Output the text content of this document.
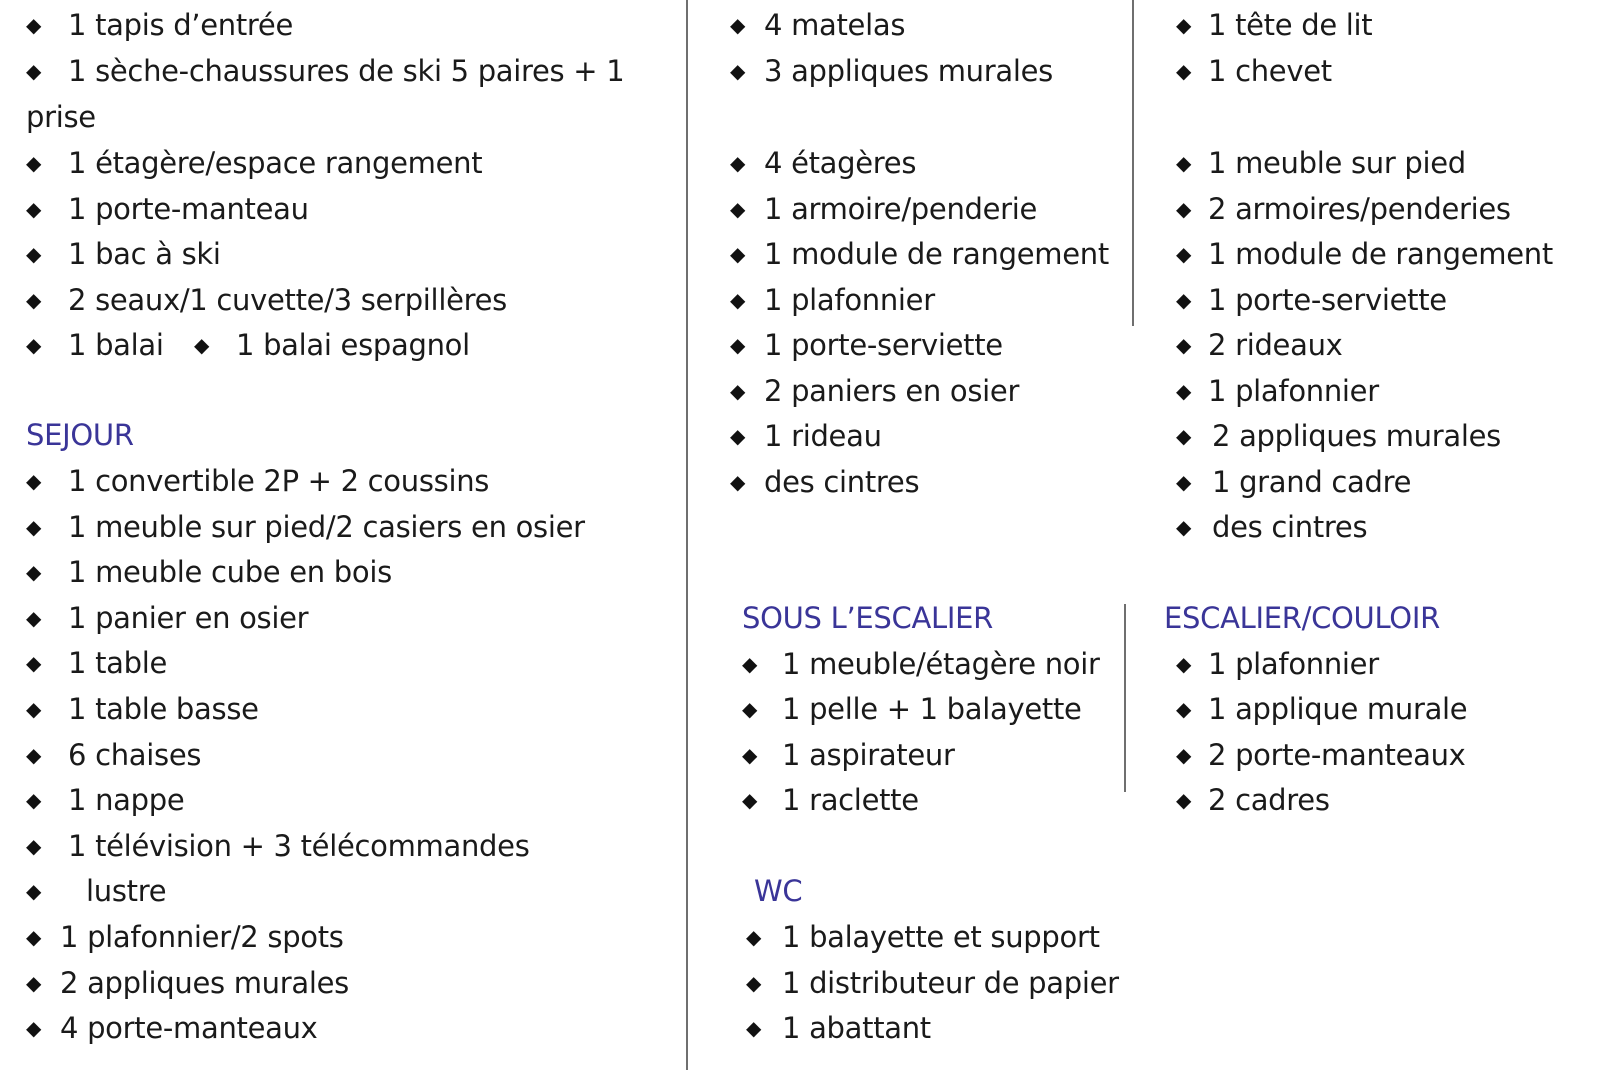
◆ 1 tapis d’entrée
◆ 1 sèche-chaussures de ski 5 paires + 1
prise
◆ 1 étagère/espace rangement
◆ 1 porte-manteau
◆ 1 bac à ski
◆ 2 seaux/1 cuvette/3 serpillères
◆ 1 balai ◆ 1 balai espagnol
SEJOUR
◆ 1 convertible 2P + 2 coussins
◆ 1 meuble sur pied/2 casiers en osier
◆ 1 meuble cube en bois
◆ 1 panier en osier
◆ 1 table
◆ 1 table basse
◆ 6 chaises
◆ 1 nappe
◆ 1 télévision + 3 télécommandes
◆ lustre
◆ 1 plafonnier/2 spots
◆ 2 appliques murales
◆ 4 porte-manteaux
◆ 4 matelas
◆ 3 appliques murales
◆ 4 étagères
◆ 1 armoire/penderie
◆ 1 module de rangement
◆ 1 plafonnier
◆ 1 porte-serviette
◆ 2 paniers en osier
◆ 1 rideau
◆ des cintres
SOUS L’ESCALIER
◆ 1 meuble/étagère noir
◆ 1 pelle + 1 balayette
◆ 1 aspirateur
◆ 1 raclette
WC
◆ 1 balayette et support
◆ 1 distributeur de papier
◆ 1 abattant
◆ 1 tête de lit
◆ 1 chevet
◆ 1 meuble sur pied
◆ 2 armoires/penderies
◆ 1 module de rangement
◆ 1 porte-serviette
◆ 2 rideaux
◆ 1 plafonnier
◆ 2 appliques murales
◆ 1 grand cadre
◆ des cintres
ESCALIER/COULOIR
◆ 1 plafonnier
◆ 1 applique murale
◆ 2 porte-manteaux
◆ 2 cadres
